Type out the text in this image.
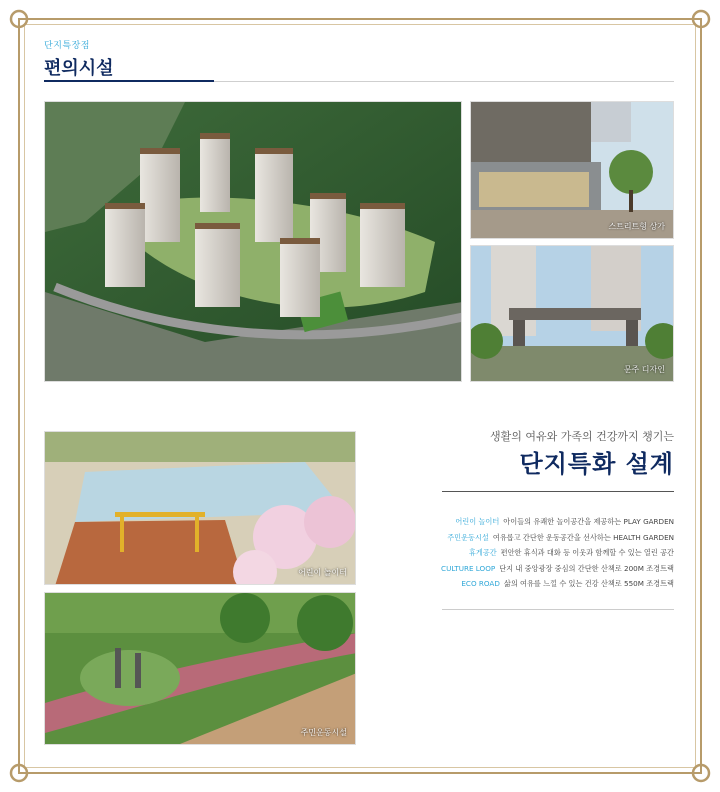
단지특장점
편의시설
스트리트형 상가
문주 디자인
어린이 놀이터
주민운동시설
생활의 여유와 가족의 건강까지 챙기는
단지특화 설계
어린이 놀이터 아이들의 유쾌한 놀이공간을 제공하는 PLAY GARDEN
주민운동시설 여유롭고 간단한 운동공간을 선사하는 HEALTH GARDEN
휴게공간 편안한 휴식과 대화 등 이웃과 함께할 수 있는 열린 공간
CULTURE LOOP 단지 내 중앙광장 중심의 간단한 산책로 200M 조경트랙
ECO ROAD 삶의 여유를 느낄 수 있는 건강 산책로 550M 조경트랙
